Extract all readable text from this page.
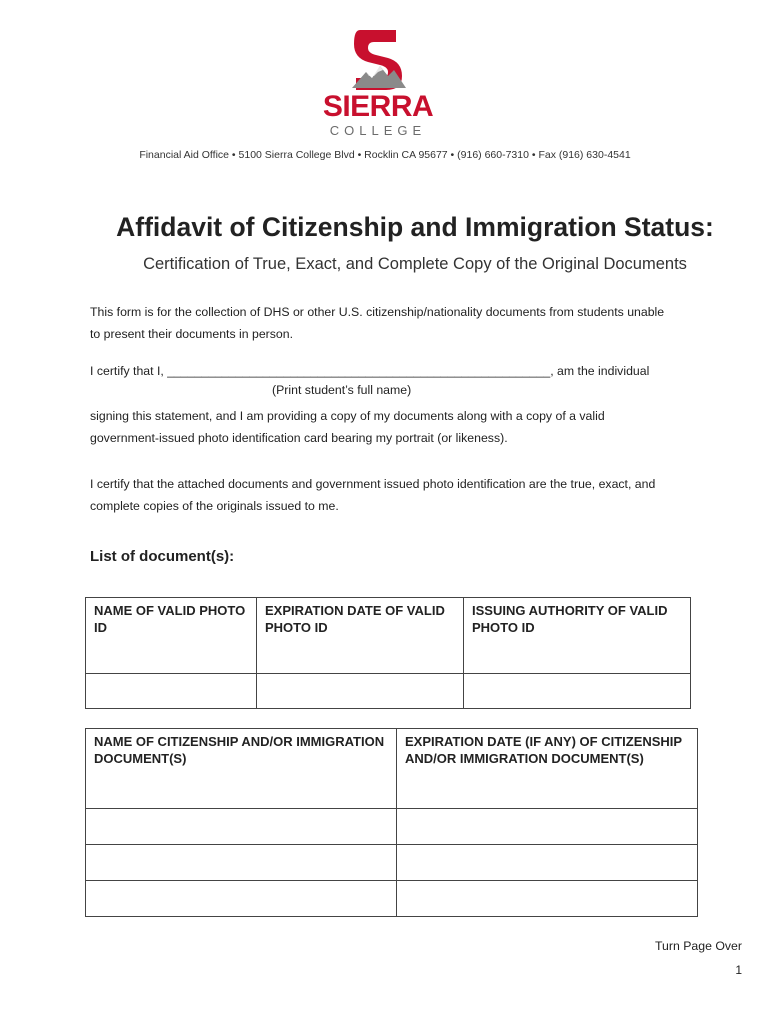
SIERRA
COLLEGE
Financial Aid Office • 5100 Sierra College Blvd • Rocklin CA 95677 • (916) 660-7310 • Fax (916) 630-4541
Affidavit of Citizenship and Immigration Status:
Certification of True, Exact, and Complete Copy of the Original Documents
This form is for the collection of DHS or other U.S. citizenship/nationality documents from students unable
to present their documents in person.
I certify that I, ________________________________________________________, am the individual
(Print student’s full name)
signing this statement, and I am providing a copy of my documents along with a copy of a valid
government-issued photo identification card bearing my portrait (or likeness).
I certify that the attached documents and government issued photo identification are the true, exact, and
complete copies of the originals issued to me.
List of document(s):
NAME OF VALID PHOTO ID	EXPIRATION DATE OF VALID PHOTO ID	ISSUING AUTHORITY OF VALID PHOTO ID

NAME OF CITIZENSHIP AND/OR IMMIGRATION DOCUMENT(S)	EXPIRATION DATE (IF ANY) OF CITIZENSHIP AND/OR IMMIGRATION DOCUMENT(S)

Turn Page Over
1
